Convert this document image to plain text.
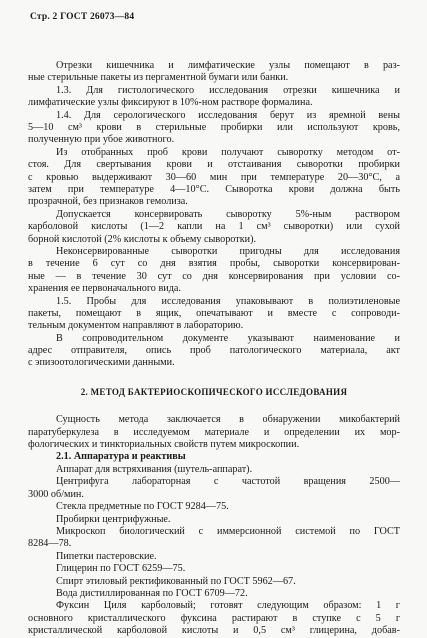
Стр. 2 ГОСТ 26073—84
Отрезки кишечника и лимфатические узлы помещают в раз-
ные стерильные пакеты из пергаментной бумаги или банки.
1.3. Для гистологического исследования отрезки кишечника и
лимфатические узлы фиксируют в 10%-ном растворе формалина.
1.4. Для серологического исследования берут из яремной вены
5—10 см³ крови в стерильные пробирки или используют кровь,
полученную при убое животного.
Из отобранных проб крови получают сыворотку методом от-
стоя. Для свертывания крови и отстаивания сыворотки пробирки
с кровью выдерживают 30—60 мин при температуре 20—30°С, а
затем при температуре 4—10°С. Сыворотка крови должна быть
прозрачной, без признаков гемолиза.
Допускается консервировать сыворотку 5%-ным раствором
карболовой кислоты (1—2 капли на 1 см³ сыворотки) или сухой
борной кислотой (2% кислоты к объему сыворотки).
Неконсервированные сыворотки пригодны для исследования
в течение 6 сут со дня взятия пробы, сыворотки консервирован-
ные — в течение 30 сут со дня консервирования при условии со-
хранения ее первоначального вида.
1.5. Пробы для исследования упаковывают в полиэтиленовые
пакеты, помещают в ящик, опечатывают и вместе с сопроводи-
тельным документом направляют в лабораторию.
В сопроводительном документе указывают наименование и
адрес отправителя, опись проб патологического материала, акт
с эпизоотологическими данными.
2. МЕТОД БАКТЕРИОСКОПИЧЕСКОГО ИССЛЕДОВАНИЯ
Сущность метода заключается в обнаружении микобактерий
паратуберкулеза в исследуемом материале и определении их мор-
фологических и тинкториальных свойств путем микроскопии.
2.1. Аппаратура и реактивы
Аппарат для встряхивания (шутель-аппарат).
Центрифуга лабораторная с частотой вращения 2500—
3000 об/мин.
Стекла предметные по ГОСТ 9284—75.
Пробирки центрифужные.
Микроскоп биологический с иммерсионной системой по ГОСТ
8284—78.
Пипетки пастеровские.
Глицерин по ГОСТ 6259—75.
Спирт этиловый ректификованный по ГОСТ 5962—67.
Вода дистиллированная по ГОСТ 6709—72.
Фуксин Циля карболовый; готовят следующим образом: 1 г
основного кристаллического фуксина растирают в ступке с 5 г
кристаллической карболовой кислоты и 0,5 см³ глицерина, добав-
